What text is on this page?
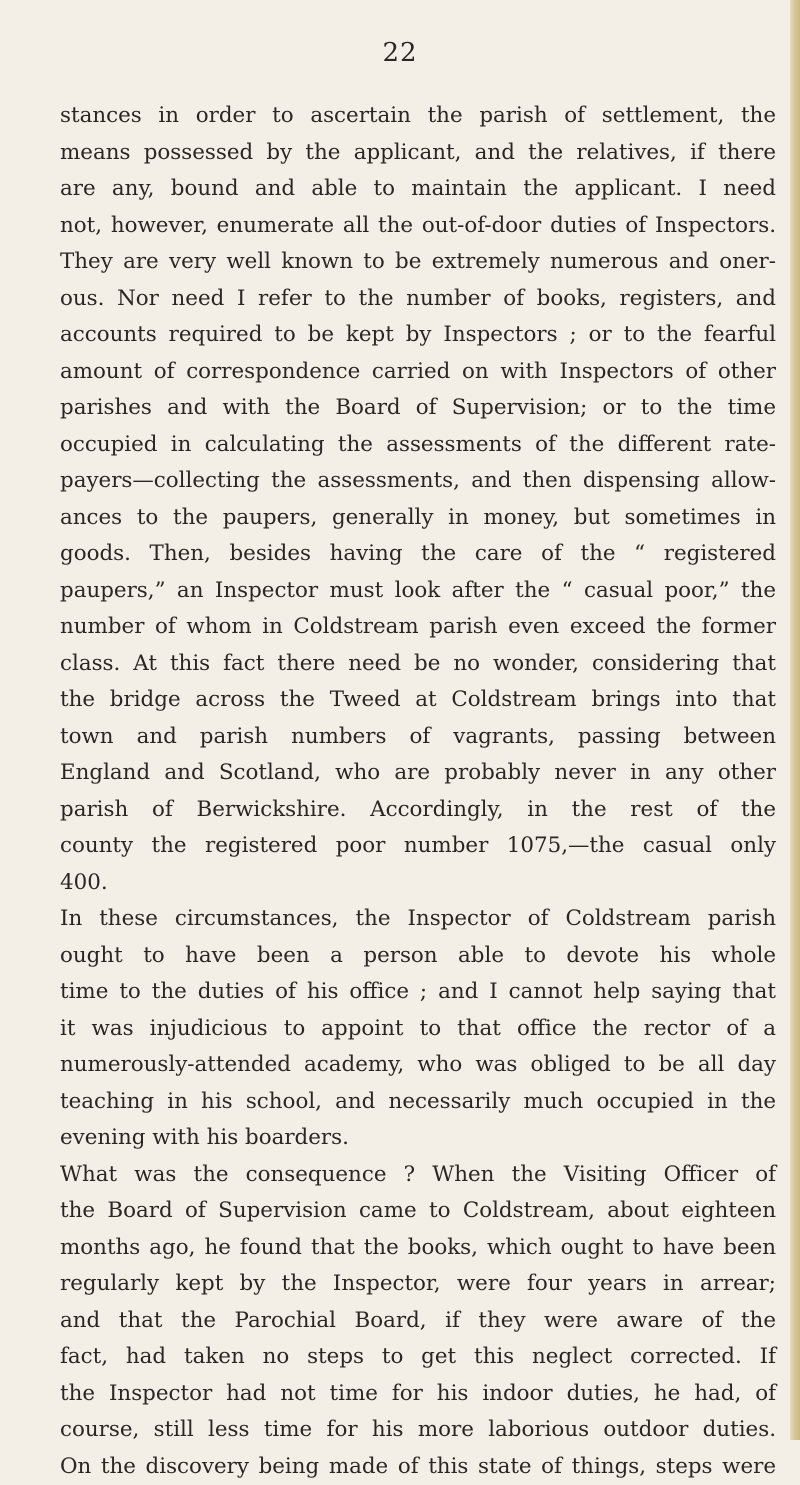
22
stances in order to ascertain the parish of settlement, the
means possessed by the applicant, and the relatives, if there
are any, bound and able to maintain the applicant. I need
not, however, enumerate all the out-of-door duties of Inspectors.
They are very well known to be extremely numerous and oner-
ous. Nor need I refer to the number of books, registers, and
accounts required to be kept by Inspectors ; or to the fearful
amount of correspondence carried on with Inspectors of other
parishes and with the Board of Supervision; or to the time
occupied in calculating the assessments of the different rate-
payers—collecting the assessments, and then dispensing allow-
ances to the paupers, generally in money, but sometimes in
goods. Then, besides having the care of the “ registered
paupers,” an Inspector must look after the “ casual poor,” the
number of whom in Coldstream parish even exceed the former
class. At this fact there need be no wonder, considering that
the bridge across the Tweed at Coldstream brings into that
town and parish numbers of vagrants, passing between
England and Scotland, who are probably never in any other
parish of Berwickshire. Accordingly, in the rest of the
county the registered poor number 1075,—the casual only
400.
In these circumstances, the Inspector of Coldstream parish
ought to have been a person able to devote his whole
time to the duties of his office ; and I cannot help saying that
it was injudicious to appoint to that office the rector of a
numerously-attended academy, who was obliged to be all day
teaching in his school, and necessarily much occupied in the
evening with his boarders.
What was the consequence ? When the Visiting Officer of
the Board of Supervision came to Coldstream, about eighteen
months ago, he found that the books, which ought to have been
regularly kept by the Inspector, were four years in arrear;
and that the Parochial Board, if they were aware of the
fact, had taken no steps to get this neglect corrected. If
the Inspector had not time for his indoor duties, he had, of
course, still less time for his more laborious outdoor duties.
On the discovery being made of this state of things, steps were
